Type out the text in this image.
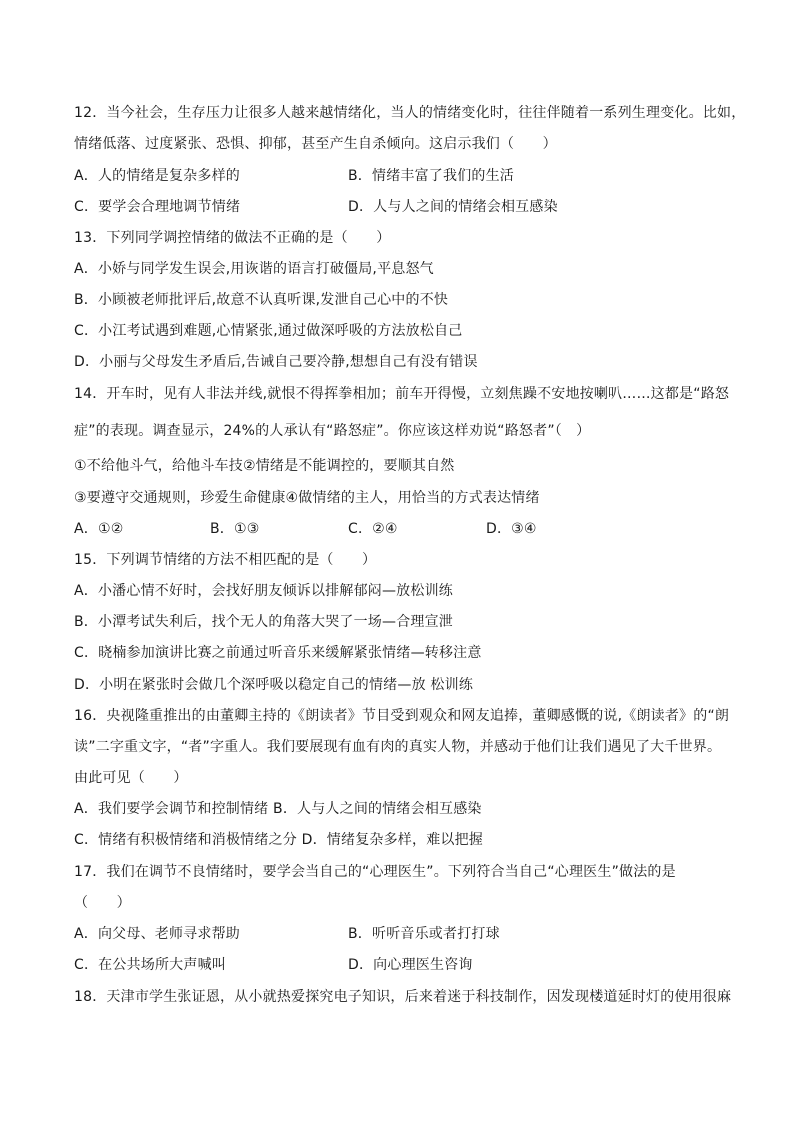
12．当今社会，生存压力让很多人越来越情绪化，当人的情绪变化时，往往伴随着一系列生理变化。比如，
情绪低落、过度紧张、恐惧、抑郁，甚至产生自杀倾向。这启示我们（　　）
A．人的情绪是复杂多样的	B．情绪丰富了我们的生活
C．要学会合理地调节情绪	D．人与人之间的情绪会相互感染
13．下列同学调控情绪的做法不正确的是（　　）
A．小娇与同学发生误会,用诙谐的语言打破僵局,平息怒气
B．小顾被老师批评后,故意不认真听课,发泄自己心中的不快
C．小江考试遇到难题,心情紧张,通过做深呼吸的方法放松自己
D．小丽与父母发生矛盾后,告诫自己要冷静,想想自己有没有错误
14．开车时，见有人非法并线,就恨不得挥拳相加；前车开得慢，立刻焦躁不安地按喇叭……这都是“路怒
症”的表现。调查显示，24%的人承认有“路怒症”。你应该这样劝说“路怒者”（　）
①不给他斗气，给他斗车技②情绪是不能调控的，要顺其自然
③要遵守交通规则，珍爱生命健康④做情绪的主人，用恰当的方式表达情绪
A．①②	B．①③	C．②④	D．③④
15．下列调节情绪的方法不相匹配的是（　　）
A．小潘心情不好时，会找好朋友倾诉以排解郁闷—放松训练
B．小潭考试失利后，找个无人的角落大哭了一场—合理宣泄
C．晓楠参加演讲比赛之前通过听音乐来缓解紧张情绪—转移注意
D．小明在紧张时会做几个深呼吸以稳定自己的情绪—放 松训练
16．央视隆重推出的由董卿主持的《朗读者》节目受到观众和网友追捧，董卿感慨的说,《朗读者》的“朗
读”二字重文字，“者”字重人。我们要展现有血有肉的真实人物，并感动于他们让我们遇见了大千世界。
由此可见（　　）
A．我们要学会调节和控制情绪 B．人与人之间的情绪会相互感染
C．情绪有积极情绪和消极情绪之分 D．情绪复杂多样，难以把握
17．我们在调节不良情绪时，要学会当自己的“心理医生”。下列符合当自己“心理医生”做法的是
（　　）
A．向父母、老师寻求帮助	B．听听音乐或者打打球
C．在公共场所大声喊叫	D．向心理医生咨询
18．天津市学生张证恩，从小就热爱探究电子知识，后来着迷于科技制作，因发现楼道延时灯的使用很麻
